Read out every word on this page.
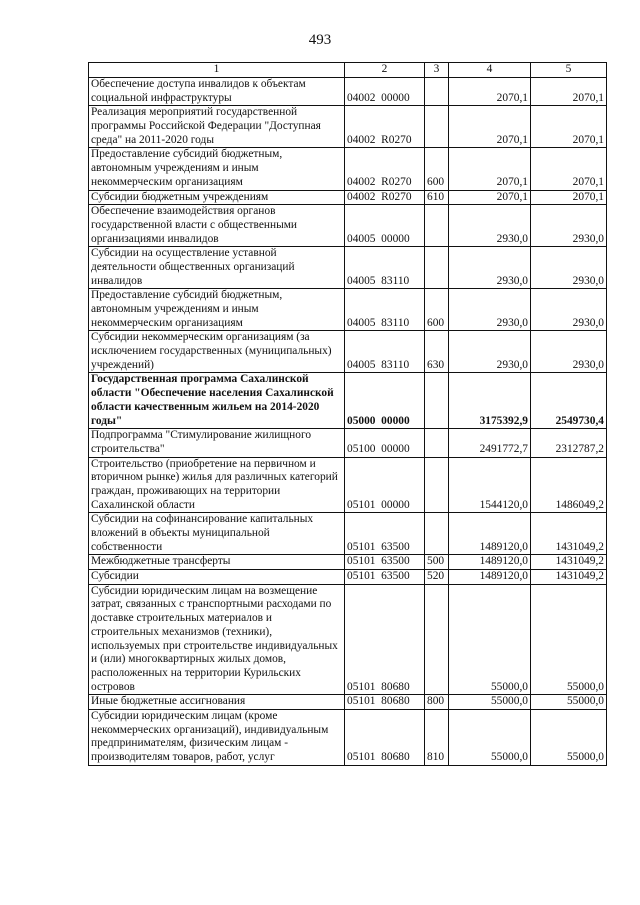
493
1	2	3	4	5
Обеспечение доступа инвалидов к объектам социальной инфраструктуры	04002  00000		2070,1	2070,1
Реализация мероприятий государственной программы Российской Федерации "Доступная среда" на 2011-2020 годы	04002  R0270		2070,1	2070,1
Предоставление субсидий бюджетным, автономным учреждениям и иным некоммерческим организациям	04002  R0270	600	2070,1	2070,1
Субсидии бюджетным учреждениям	04002  R0270	610	2070,1	2070,1
Обеспечение взаимодействия органов государственной власти с общественными организациями инвалидов	04005  00000		2930,0	2930,0
Субсидии на осуществление уставной деятельности общественных организаций инвалидов	04005  83110		2930,0	2930,0
Предоставление субсидий бюджетным, автономным учреждениям и иным некоммерческим организациям	04005  83110	600	2930,0	2930,0
Субсидии некоммерческим организациям (за исключением государственных (муниципальных) учреждений)	04005  83110	630	2930,0	2930,0
Государственная программа Сахалинской области "Обеспечение населения Сахалинской области качественным жильем на 2014-2020 годы"	05000  00000		3175392,9	2549730,4
Подпрограмма "Стимулирование жилищного строительства"	05100  00000		2491772,7	2312787,2
Строительство (приобретение на первичном и вторичном рынке) жилья для различных категорий граждан, проживающих на территории Сахалинской области	05101  00000		1544120,0	1486049,2
Субсидии на софинансирование капитальных вложений в объекты муниципальной собственности	05101  63500		1489120,0	1431049,2
Межбюджетные трансферты	05101  63500	500	1489120,0	1431049,2
Субсидии	05101  63500	520	1489120,0	1431049,2
Субсидии юридическим лицам на возмещение затрат, связанных с транспортными расходами по доставке строительных материалов и строительных механизмов (техники), используемых при строительстве индивидуальных и (или) многоквартирных жилых домов, расположенных на территории Курильских островов	05101  80680		55000,0	55000,0
Иные бюджетные ассигнования	05101  80680	800	55000,0	55000,0
Субсидии юридическим лицам (кроме некоммерческих организаций), индивидуальным предпринимателям, физическим лицам - производителям товаров, работ, услуг	05101  80680	810	55000,0	55000,0
